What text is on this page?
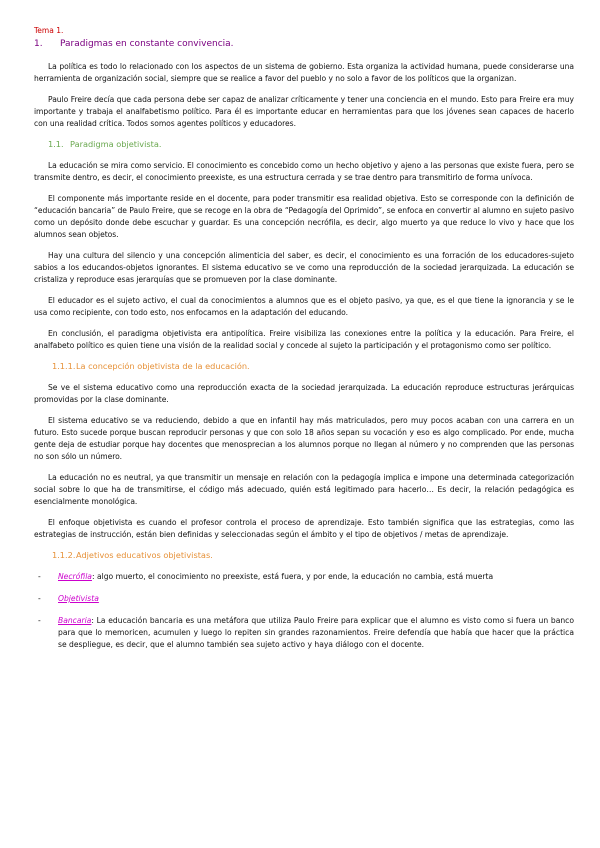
Tema 1.
1.	Paradigmas en constante convivencia.

La política es todo lo relacionado con los aspectos de un sistema de gobierno. Esta organiza la actividad humana, puede considerarse una herramienta de organización social, siempre que se realice a favor del pueblo y no solo a favor de los políticos que la organizan.

Paulo Freire decía que cada persona debe ser capaz de analizar críticamente y tener una conciencia en el mundo. Esto para Freire era muy importante y trabaja el analfabetismo político. Para él es importante educar en herramientas para que los jóvenes sean capaces de hacerlo con una realidad crítica. Todos somos agentes políticos y educadores.

1.1. Paradigma objetivista.

La educación se mira como servicio. El conocimiento es concebido como un hecho objetivo y ajeno a las personas que existe fuera, pero se transmite dentro, es decir, el conocimiento preexiste, es una estructura cerrada y se trae dentro para transmitirlo de forma unívoca.

El componente más importante reside en el docente, para poder transmitir esa realidad objetiva. Esto se corresponde con la definición de “educación bancaria” de Paulo Freire, que se recoge en la obra de “Pedagogía del Oprimido”, se enfoca en convertir al alumno en sujeto pasivo como un depósito donde debe escuchar y guardar. Es una concepción necrófila, es decir, algo muerto ya que reduce lo vivo y hace que los alumnos sean objetos.

Hay una cultura del silencio y una concepción alimenticia del saber, es decir, el conocimiento es una forración de los educadores-sujeto sabios a los educandos-objetos ignorantes. El sistema educativo se ve como una reproducción de la sociedad jerarquizada. La educación se cristaliza y reproduce esas jerarquías que se promueven por la clase dominante.

El educador es el sujeto activo, el cual da conocimientos a alumnos que es el objeto pasivo, ya que, es el que tiene la ignorancia y se le usa como recipiente, con todo esto, nos enfocamos en la adaptación del educando.

En conclusión, el paradigma objetivista era antipolítica. Freire visibiliza las conexiones entre la política y la educación. Para Freire, el analfabeto político es quien tiene una visión de la realidad social y concede al sujeto la participación y el protagonismo como ser político.

1.1.1. La concepción objetivista de la educación.

Se ve el sistema educativo como una reproducción exacta de la sociedad jerarquizada. La educación reproduce estructuras jerárquicas promovidas por la clase dominante.

El sistema educativo se va reduciendo, debido a que en infantil hay más matriculados, pero muy pocos acaban con una carrera en un futuro. Esto sucede porque buscan reproducir personas y que con solo 18 años sepan su vocación y eso es algo complicado. Por ende, mucha gente deja de estudiar porque hay docentes que menosprecian a los alumnos porque no llegan al número y no comprenden que las personas no son sólo un número.

La educación no es neutral, ya que transmitir un mensaje en relación con la pedagogía implica e impone una determinada categorización social sobre lo que ha de transmitirse, el código más adecuado, quién está legitimado para hacerlo… Es decir, la relación pedagógica es esencialmente monológica.

El enfoque objetivista es cuando el profesor controla el proceso de aprendizaje. Esto también significa que las estrategias, como las estrategias de instrucción, están bien definidas y seleccionadas según el ámbito y el tipo de objetivos / metas de aprendizaje.

1.1.2. Adjetivos educativos objetivistas.
-	Necrófila: algo muerto, el conocimiento no preexiste, está fuera, y por ende, la educación no cambia, está muerta
-	Objetivista
-	Bancaria: La educación bancaria es una metáfora que utiliza Paulo Freire para explicar que el alumno es visto como si fuera un banco para que lo memoricen, acumulen y luego lo repiten sin grandes razonamientos. Freire defendía que había que hacer que la práctica se despliegue, es decir, que el alumno también sea sujeto activo y haya diálogo con el docente.
